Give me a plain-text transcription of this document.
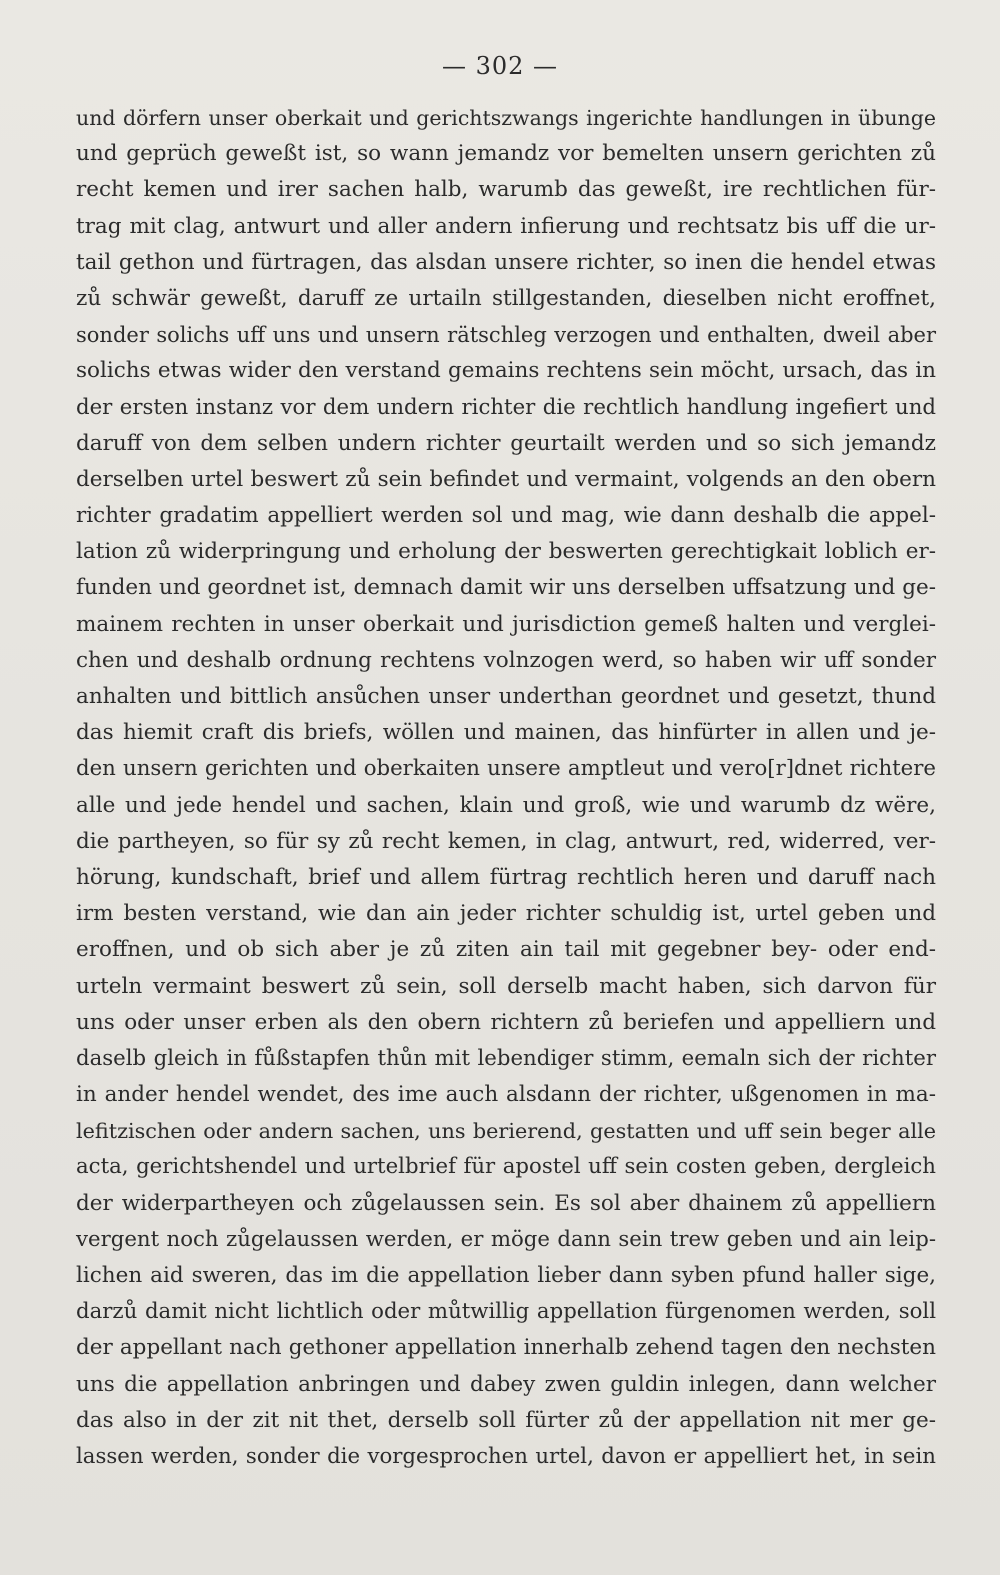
— 302 —
und dörfern unser oberkait und gerichtszwangs ingerichte handlungen in übunge
und geprüch geweßt ist, so wann jemandz vor bemelten unsern gerichten zů
recht kemen und irer sachen halb, warumb das geweßt, ire rechtlichen für-
trag mit clag, antwurt und aller andern infierung und rechtsatz bis uff die ur-
tail gethon und fürtragen, das alsdan unsere richter, so inen die hendel etwas
zů schwär geweßt, daruff ze urtailn stillgestanden, dieselben nicht eroffnet,
sonder solichs uff uns und unsern rätschleg verzogen und enthalten, dweil aber
solichs etwas wider den verstand gemains rechtens sein möcht, ursach, das in
der ersten instanz vor dem undern richter die rechtlich handlung ingefiert und
daruff von dem selben undern richter geurtailt werden und so sich jemandz
derselben urtel beswert zů sein befindet und vermaint, volgends an den obern
richter gradatim appelliert werden sol und mag, wie dann deshalb die appel-
lation zů widerpringung und erholung der beswerten gerechtigkait loblich er-
funden und geordnet ist, demnach damit wir uns derselben uffsatzung und ge-
mainem rechten in unser oberkait und jurisdiction gemeß halten und verglei-
chen und deshalb ordnung rechtens volnzogen werd, so haben wir uff sonder
anhalten und bittlich ansůchen unser underthan geordnet und gesetzt, thund
das hiemit craft dis briefs, wöllen und mainen, das hinfürter in allen und je-
den unsern gerichten und oberkaiten unsere amptleut und vero[r]dnet richtere
alle und jede hendel und sachen, klain und groß, wie und warumb dz wëre,
die partheyen, so für sy zů recht kemen, in clag, antwurt, red, widerred, ver-
hörung, kundschaft, brief und allem fürtrag rechtlich heren und daruff nach
irm besten verstand, wie dan ain jeder richter schuldig ist, urtel geben und
eroffnen, und ob sich aber je zů ziten ain tail mit gegebner bey- oder end-
urteln vermaint beswert zů sein, soll derselb macht haben, sich darvon für
uns oder unser erben als den obern richtern zů beriefen und appelliern und
daselb gleich in fůßstapfen thůn mit lebendiger stimm, eemaln sich der richter
in ander hendel wendet, des ime auch alsdann der richter, ußgenomen in ma-
lefitzischen oder andern sachen, uns berierend, gestatten und uff sein beger alle
acta, gerichtshendel und urtelbrief für apostel uff sein costen geben, dergleich
der widerpartheyen och zůgelaussen sein. Es sol aber dhainem zů appelliern
vergent noch zůgelaussen werden, er möge dann sein trew geben und ain leip-
lichen aid sweren, das im die appellation lieber dann syben pfund haller sige,
darzů damit nicht lichtlich oder můtwillig appellation fürgenomen werden, soll
der appellant nach gethoner appellation innerhalb zehend tagen den nechsten
uns die appellation anbringen und dabey zwen guldin inlegen, dann welcher
das also in der zit nit thet, derselb soll fürter zů der appellation nit mer ge-
lassen werden, sonder die vorgesprochen urtel, davon er appelliert het, in sein
